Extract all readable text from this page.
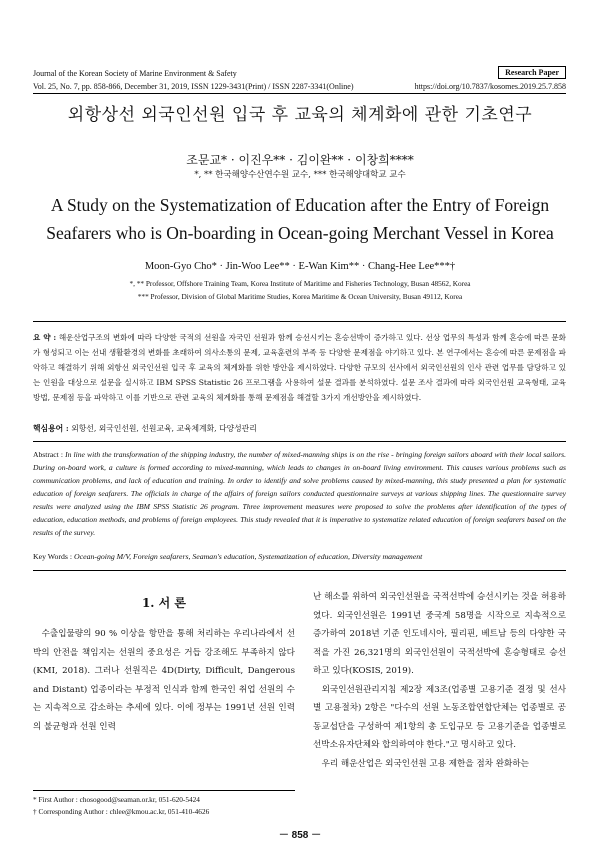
Journal of the Korean Society of Marine Environment & Safety	Research Paper
Vol. 25, No. 7, pp. 858-866, December 31, 2019, ISSN 1229-3431(Print) / ISSN 2287-3341(Online)	https://doi.org/10.7837/kosomes.2019.25.7.858
외항상선 외국인선원 입국 후 교육의 체계화에 관한 기초연구
조문교* · 이진우** · 김이완** · 이창희****
*, ** 한국해양수산연수원 교수, *** 한국해양대학교 교수
A Study on the Systematization of Education after the Entry of Foreign Seafarers who is On-boarding in Ocean-going Merchant Vessel in Korea
Moon-Gyo Cho* · Jin-Woo Lee** · E-Wan Kim** · Chang-Hee Lee***†
*, ** Professor, Offshore Training Team, Korea Institute of Maritime and Fisheries Technology, Busan 48562, Korea
*** Professor, Division of Global Maritime Studies, Korea Maritime & Ocean University, Busan 49112, Korea
요 약 : 해운산업구조의 변화에 따라 다양한 국적의 선원을 자국민 선원과 함께 승선시키는 혼승선박이 증가하고 있다. 선상 업무의 특성과 함께 혼승에 따른 문화가 형성되고 이는 선내 생활환경의 변화를 초래하여 의사소통의 문제, 교육훈련의 부족 등 다양한 문제점을 야기하고 있다. 본 연구에서는 혼승에 따른 문제점을 파악하고 해결하기 위해 외항선 외국인선원 입국 후 교육의 체계화를 위한 방안을 제시하였다. 다양한 규모의 선사에서 외국인선원의 인사 관련 업무를 담당하고 있는 인원을 대상으로 설문을 실시하고 IBM SPSS Statistic 26 프로그램을 사용하여 설문 결과를 분석하였다. 설문 조사 결과에 따라 외국인선원 교육형태, 교육방법, 문제점 등을 파악하고 이를 기반으로 관련 교육의 체계화를 통해 문제점을 해결할 3가지 개선방안을 제시하였다.
핵심용어 : 외항선, 외국인선원, 선원교육, 교육체계화, 다양성관리
Abstract : In line with the transformation of the shipping industry, the number of mixed-manning ships is on the rise - bringing foreign sailors aboard with their local sailors. During on-board work, a culture is formed according to mixed-manning, which leads to changes in on-board living environment. This causes various problems such as communication problems, and lack of education and training. In order to identify and solve problems caused by mixed-manning, this study presented a plan for systematic education of foreign seafarers. The officials in charge of the affairs of foreign sailors conducted questionnaire surveys at various shipping lines. The questionnaire survey results were analyzed using the IBM SPSS Statistic 26 program. Three improvement measures were proposed to solve the problems after identification of the types of education, education methods, and problems of foreign employees. This study revealed that it is imperative to systematize related education of foreign seafarers based on the results of the survey.
Key Words : Ocean-going M/V, Foreign seafarers, Seaman's education, Systematization of education, Diversity management
1. 서 론
수출입물량의 90 % 이상을 항만을 통해 처리하는 우리나라에서 선박의 안전을 책임지는 선원의 중요성은 거듭 강조해도 부족하지 않다(KMI, 2018). 그러나 선원직은 4D(Dirty, Difficult, Dangerous and Distant) 업종이라는 부정적 인식과 함께 한국인 취업 선원의 수는 지속적으로 감소하는 추세에 있다. 이에 정부는 1991년 선원 인력의 불균형과 선원 인력
난 해소를 위하여 외국인선원을 국적선박에 승선시키는 것을 허용하였다. 외국인선원은 1991년 중국계 58명을 시작으로 지속적으로 증가하여 2018년 기준 인도네시아, 필리핀, 베트남 등의 다양한 국적을 가진 26,321명의 외국인선원이 국적선박에 혼승형태로 승선하고 있다(KOSIS, 2019).
외국인선원관리지침 제2장 제3조(업종별 고용기준 결정 및 선사별 고용절차) 2항은 "다수의 선원 노동조합연합단체는 업종별로 공동교섭단을 구성하여 제1항의 총 도입규모 등 고용기준을 업종별로 선박소유자단체와 합의하여야 한다."고 명시하고 있다.
우리 해운산업은 외국인선원 고용 제한을 점차 완화하는
* First Author : chosogood@seaman.or.kr, 051-620-5424
† Corresponding Author : chlee@kmou.ac.kr, 051-410-4626
－ 858 －
